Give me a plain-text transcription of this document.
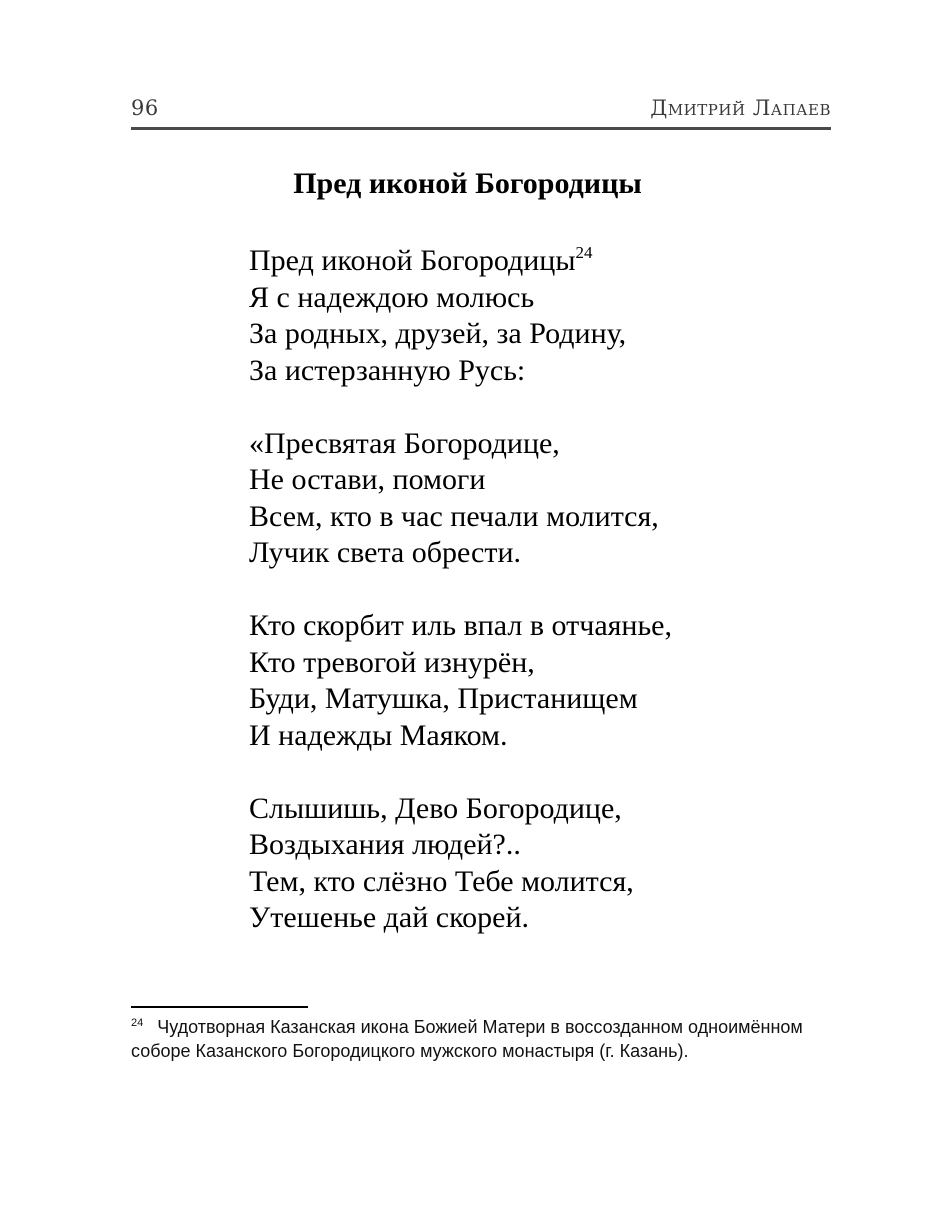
96	Дмитрий Лапаев
Пред иконой Богородицы
Пред иконой Богородицы$^{24}$
Я с надеждою молюсь
За родных, друзей, за Родину,
За истерзанную Русь:
«Пресвятая Богородице,
Не остави, помоги
Всем, кто в час печали молится,
Лучик света обрести.
Кто скорбит иль впал в отчаянье,
Кто тревогой изнурён,
Буди, Матушка, Пристанищем
И надежды Маяком.
Слышишь, Дево Богородице,
Воздыхания людей?..
Тем, кто слёзно Тебе молится,
Утешенье дай скорей.
$^{24}$ Чудотворная Казанская икона Божией Матери в воссозданном одноимённом соборе Казанского Богородицкого мужского монастыря (г. Казань).
